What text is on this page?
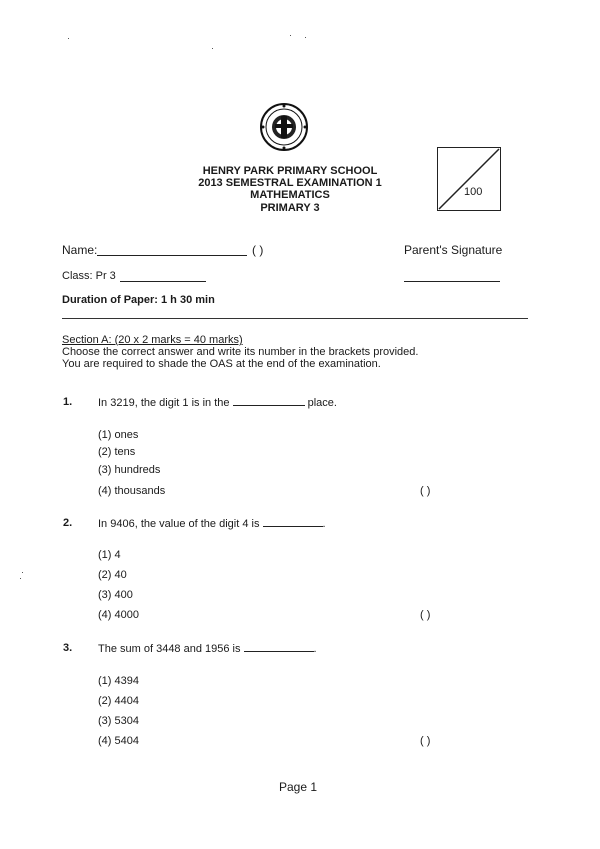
HENRY PARK PRIMARY SCHOOL
2013 SEMESTRAL EXAMINATION 1
MATHEMATICS
PRIMARY 3
100
Name:	( )	Parent's Signature
Class: Pr 3
Duration of Paper: 1 h 30 min
Section A: (20 x 2 marks = 40 marks)
Choose the correct answer and write its number in the brackets provided.
You are required to shade the OAS at the end of the examination.
1. In 3219, the digit 1 is in the	place.
(1) ones
(2) tens
(3) hundreds
(4) thousands	( )
2. In 9406, the value of the digit 4 is	.
(1) 4
(2) 40
(3) 400
(4) 4000	( )
3. The sum of 3448 and 1956 is	.
(1) 4394
(2) 4404
(3) 5304
(4) 5404	( )
Page 1
